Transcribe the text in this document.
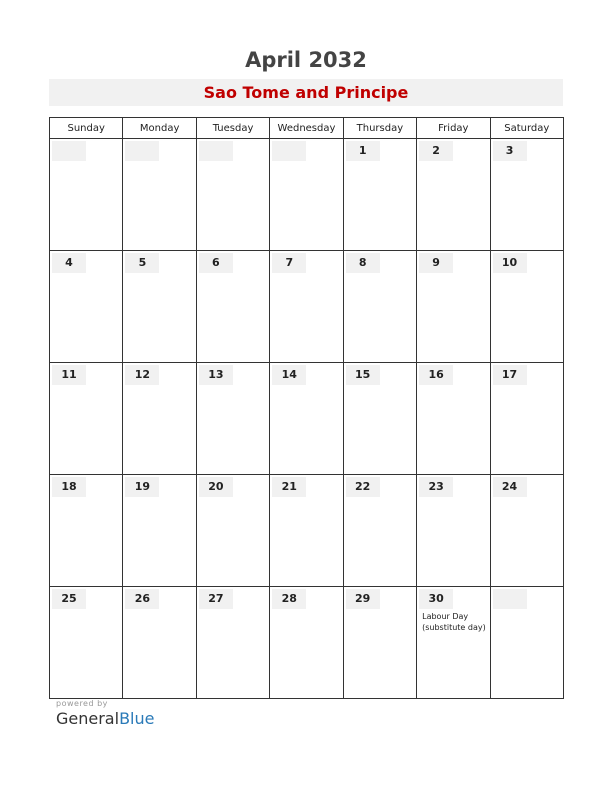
April 2032
Sao Tome and Principe
Sunday	Monday	Tuesday	Wednesday	Thursday	Friday	Saturday
				1	2	3
4	5	6	7	8	9	10
11	12	13	14	15	16	17
18	19	20	21	22	23	24
25	26	27	28	29	30
Labour Day (substitute day)	

powered by
GeneralBlue
